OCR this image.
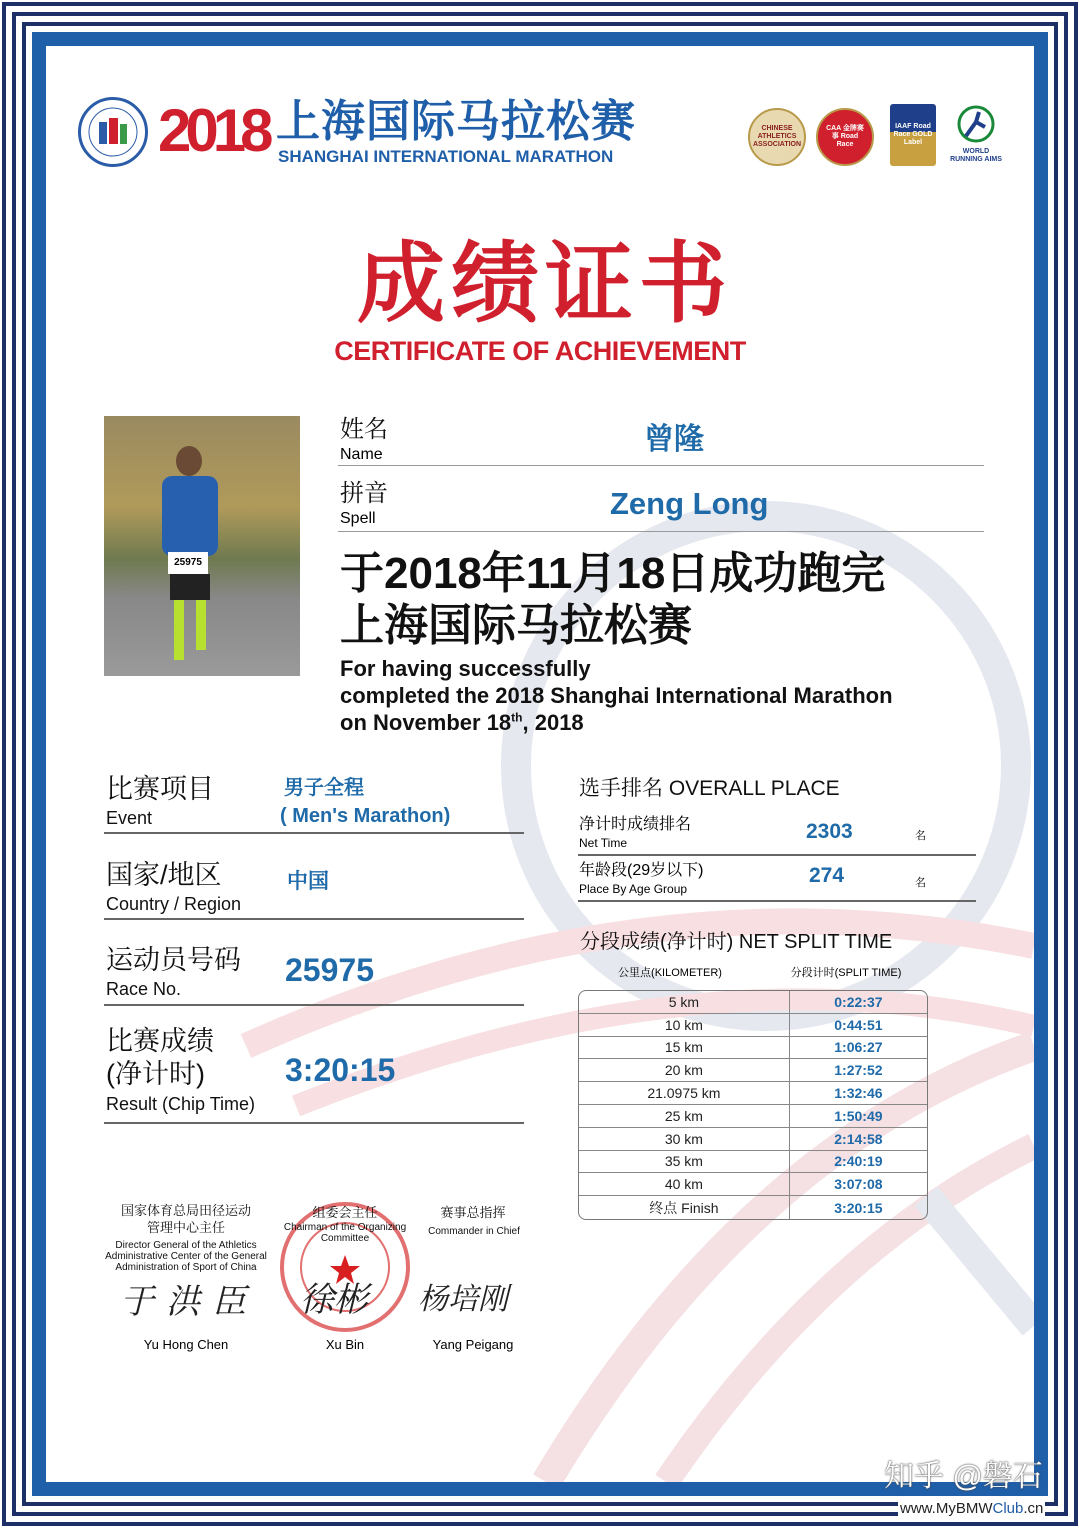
2018 上海国际马拉松赛
SHANGHAI INTERNATIONAL MARATHON
CHINESE ATHLETICS ASSOCIATION
CAA 金牌赛事 Road Race
IAAF Road Race GOLD Label
WORLD RUNNING AIMS
成绩证书
CERTIFICATE OF ACHIEVEMENT
25975
姓名
Name	曾隆
拼音
Spell	Zeng Long
于2018年11月18日成功跑完
上海国际马拉松赛
For having successfully
completed the 2018 Shanghai International Marathon
on November 18th, 2018
比赛项目
Event
男子全程
( Men's Marathon)
国家/地区
Country / Region
中国
运动员号码
Race No.
25975
比赛成绩
(净计时)
Result (Chip Time)
3:20:15
选手排名 OVERALL PLACE
净计时成绩排名
Net Time	2303	名
年龄段(29岁以下)
Place By Age Group
274	名
分段成绩(净计时) NET SPLIT TIME
公里点(KILOMETER)	分段计时(SPLIT TIME)
5 km	0:22:37
10 km	0:44:51
15 km	1:06:27
20 km	1:27:52
21.0975 km	1:32:46
25 km	1:50:49
30 km	2:14:58
35 km	2:40:19
40 km	3:07:08
终点 Finish	3:20:15
国家体育总局田径运动
管理中心主任
Director General of the Athletics
Administrative Center of the General
Administration of Sport of China
于洪臣
Yu Hong Chen
组委会主任
Chairman of the Organizing
Committee
徐彬
Xu Bin
赛事总指挥
Commander in Chief
杨培刚
Yang Peigang
知乎 @磐石
www.MyBMWClub.cn
